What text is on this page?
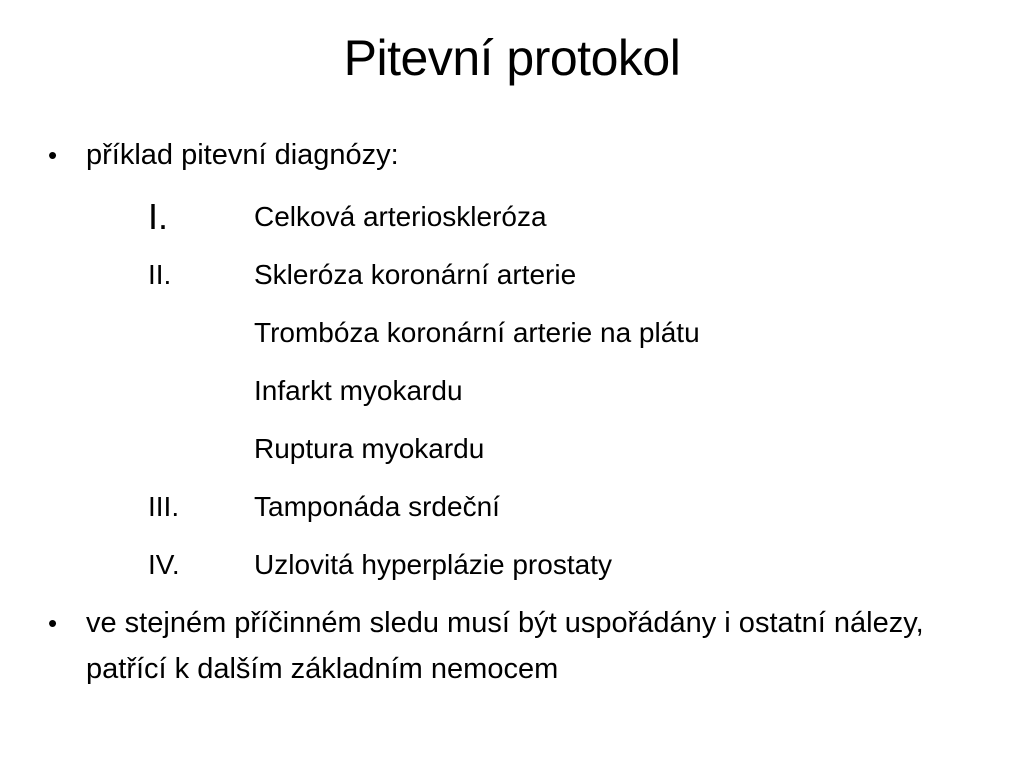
Pitevní protokol
• příklad pitevní diagnózy:
I.	Celková arterioskleróza
II.	Skleróza koronární arterie
Trombóza koronární arterie na plátu
Infarkt myokardu
Ruptura myokardu
III.	Tamponáda srdeční
IV.	Uzlovitá hyperplázie prostaty
• ve stejném příčinném sledu musí být uspořádány i ostatní nálezy, patřící k dalším základním nemocem
